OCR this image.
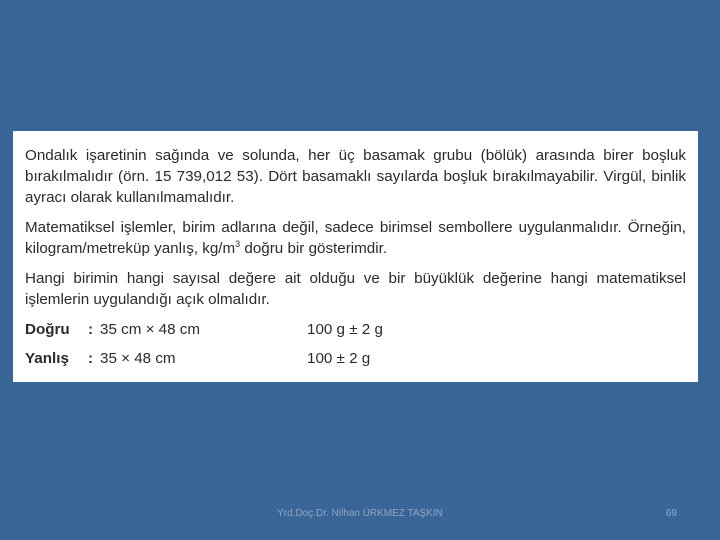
Ondalık işaretinin sağında ve solunda, her üç basamak grubu (bölük) arasında birer boşluk bırakılmalıdır (örn. 15 739,012 53). Dört basamaklı sayılarda boşluk bırakılmayabilir. Virgül, binlik ayracı olarak kullanılmamalıdır.

Matematiksel işlemler, birim adlarına değil, sadece birimsel sembollere uygulanmalıdır. Örneğin, kilogram/metreküp yanlış, $kg/m^3$ doğru bir gösterimdir.

Hangi birimin hangi sayısal değere ait olduğu ve bir büyüklük değerine hangi matematiksel işlemlerin uygulandığı açık olmalıdır.

Doğru : 35 cm × 48 cm	100 g ± 2 g
Yanlış : 35 × 48 cm	100 ± 2 g
Yrd.Doç.Dr. Nilhan ÜRKMEZ TAŞKIN	69
